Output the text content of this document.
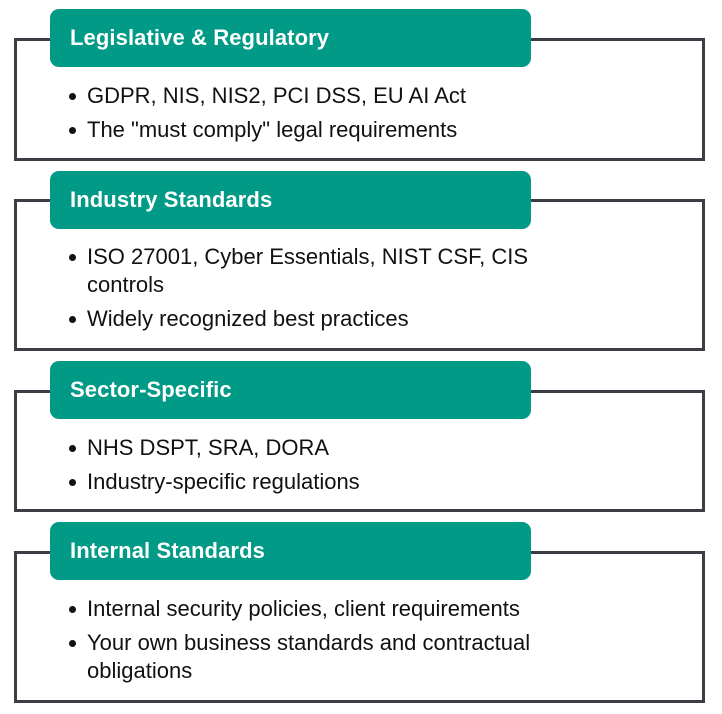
Legislative & Regulatory
GDPR, NIS, NIS2, PCI DSS, EU AI Act
The "must comply" legal requirements
Industry Standards
ISO 27001, Cyber Essentials, NIST CSF, CIS controls
Widely recognized best practices
Sector-Specific
NHS DSPT, SRA, DORA
Industry-specific regulations
Internal Standards
Internal security policies, client requirements
Your own business standards and contractual obligations
